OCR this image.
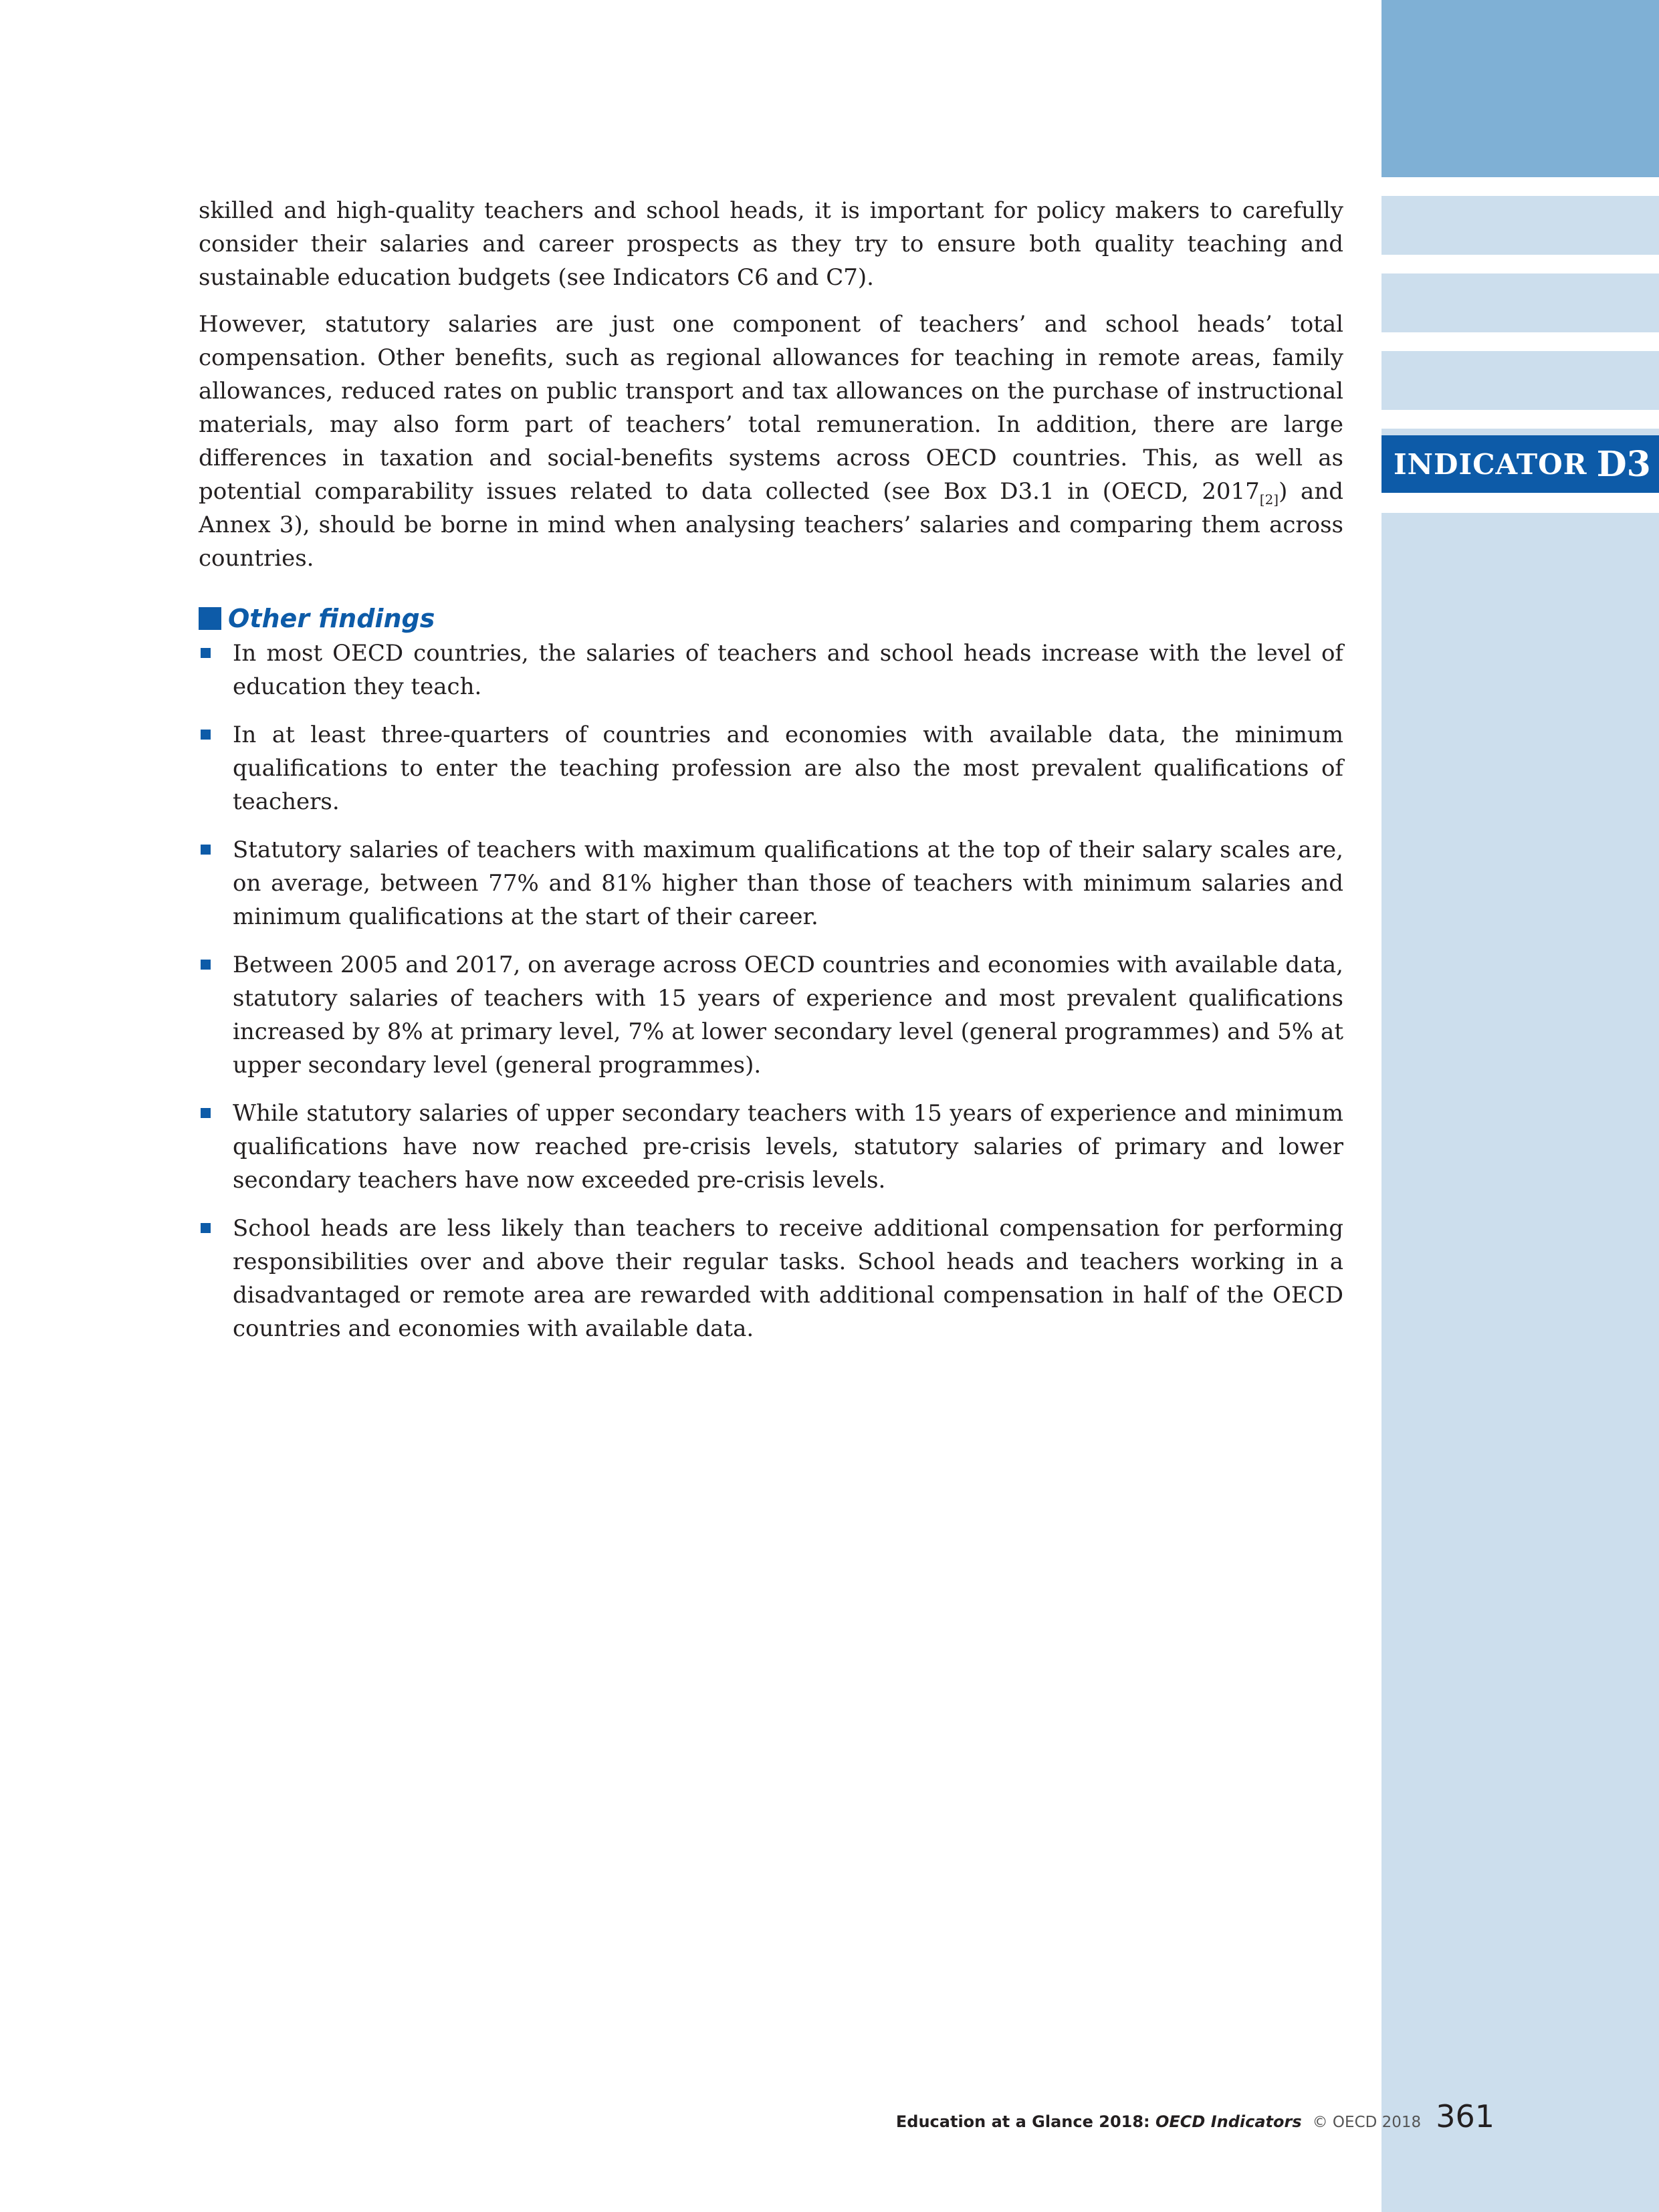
INDICATOR D3

skilled and high-quality teachers and school heads, it is important for policy makers to carefully consider their salaries and career prospects as they try to ensure both quality teaching and sustainable education budgets (see Indicators C6 and C7).

However, statutory salaries are just one component of teachers’ and school heads’ total compensation. Other benefits, such as regional allowances for teaching in remote areas, family allowances, reduced rates on public transport and tax allowances on the purchase of instructional materials, may also form part of teachers’ total remuneration. In addition, there are large differences in taxation and social-benefits systems across OECD countries. This, as well as potential comparability issues related to data collected (see Box D3.1 in (OECD, $2017_{[2]}$) and Annex 3), should be borne in mind when analysing teachers’ salaries and comparing them across countries.

Other findings
In most OECD countries, the salaries of teachers and school heads increase with the level of education they teach.
In at least three-quarters of countries and economies with available data, the minimum qualifications to enter the teaching profession are also the most prevalent qualifications of teachers.
Statutory salaries of teachers with maximum qualifications at the top of their salary scales are, on average, between 77% and 81% higher than those of teachers with minimum salaries and minimum qualifications at the start of their career.
Between 2005 and 2017, on average across OECD countries and economies with available data, statutory salaries of teachers with 15 years of experience and most prevalent qualifications increased by 8% at primary level, 7% at lower secondary level (general programmes) and 5% at upper secondary level (general programmes).
While statutory salaries of upper secondary teachers with 15 years of experience and minimum qualifications have now reached pre-crisis levels, statutory salaries of primary and lower secondary teachers have now exceeded pre-crisis levels.
School heads are less likely than teachers to receive additional compensation for performing responsibilities over and above their regular tasks. School heads and teachers working in a disadvantaged or remote area are rewarded with additional compensation in half of the OECD countries and economies with available data.
Education at a Glance 2018: OECD Indicators © OECD 2018 361
